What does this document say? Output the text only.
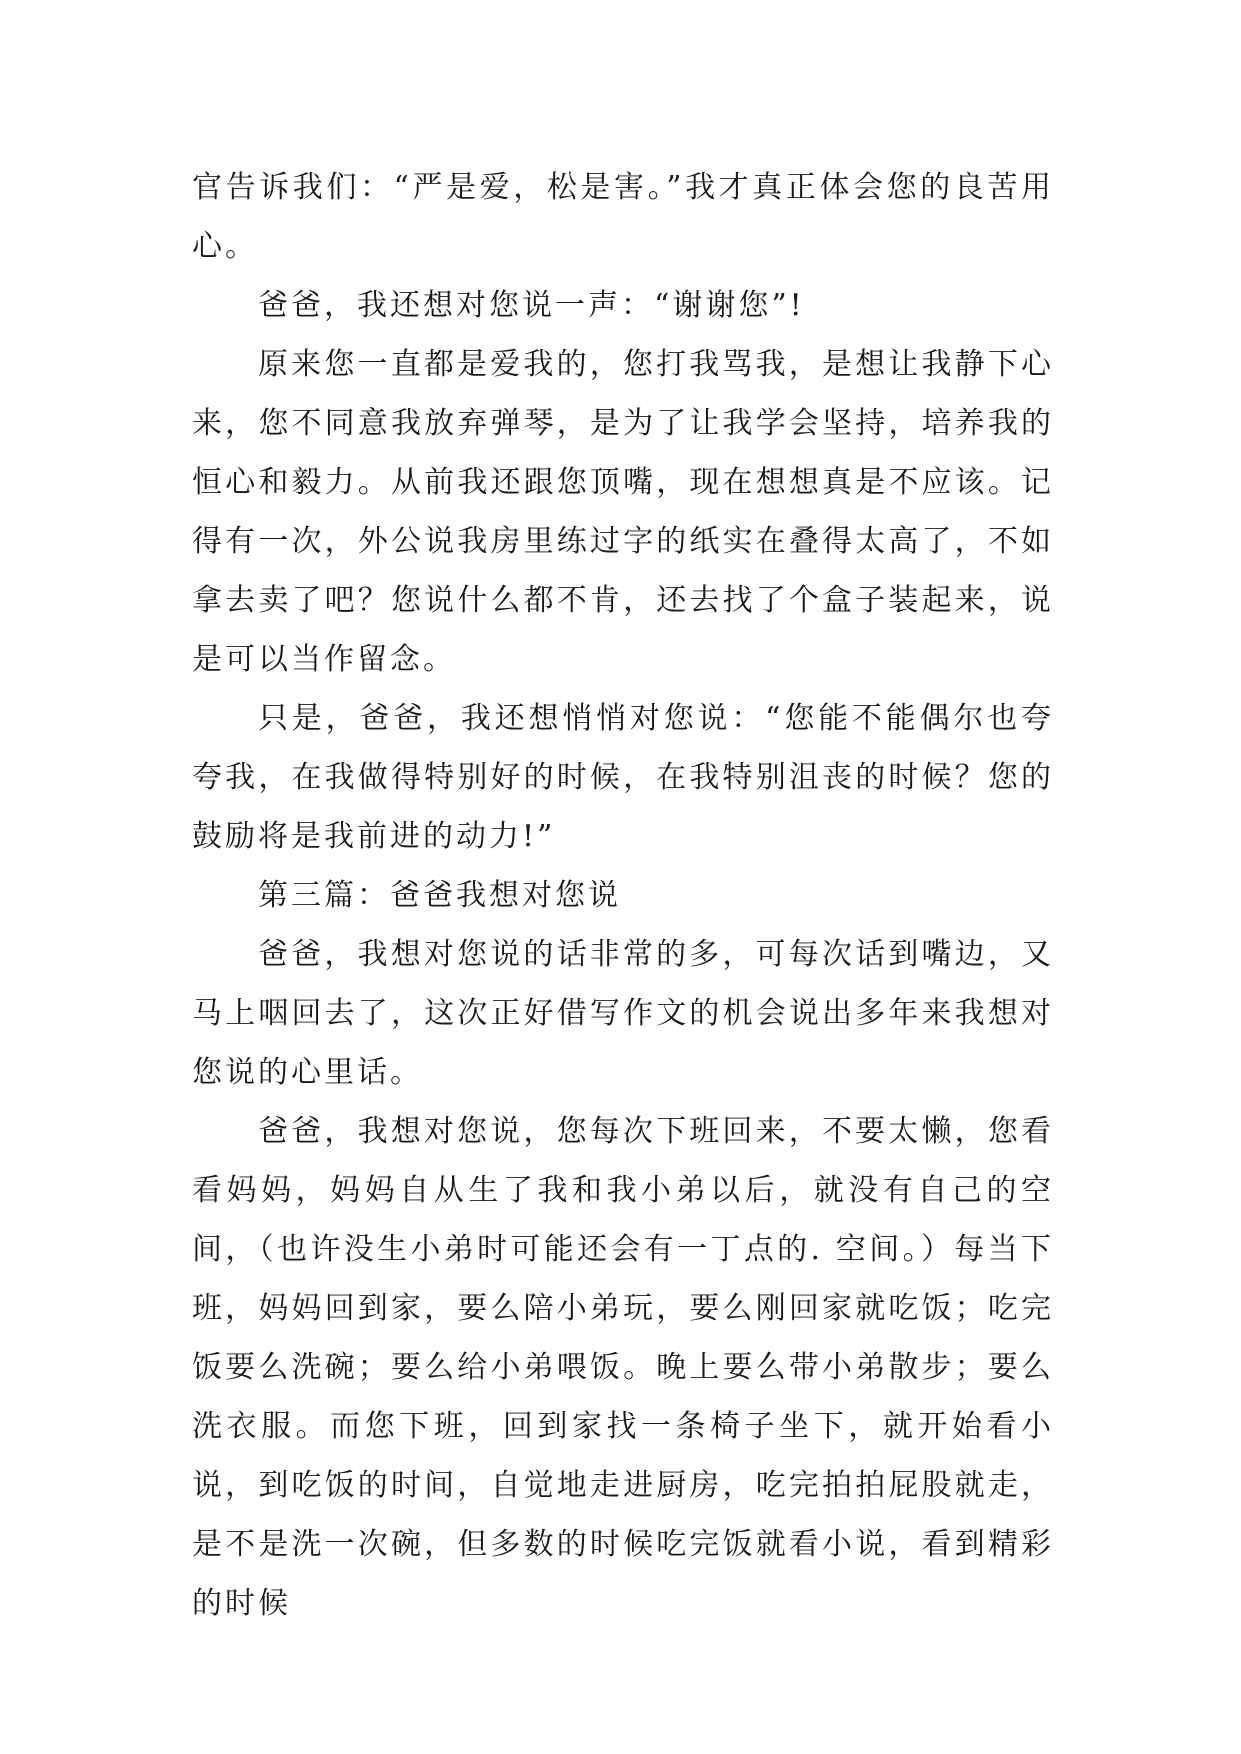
官告诉我们：“严是爱，松是害。”我才真正体会您的良苦用心。

爸爸，我还想对您说一声：“谢谢您”!

原来您一直都是爱我的，您打我骂我，是想让我静下心来，您不同意我放弃弹琴，是为了让我学会坚持，培养我的恒心和毅力。从前我还跟您顶嘴，现在想想真是不应该。记得有一次，外公说我房里练过字的纸实在叠得太高了，不如拿去卖了吧？您说什么都不肯，还去找了个盒子装起来，说是可以当作留念。

只是，爸爸，我还想悄悄对您说：“您能不能偶尔也夸夸我，在我做得特别好的时候，在我特别沮丧的时候？您的鼓励将是我前进的动力!”

第三篇：爸爸我想对您说

爸爸，我想对您说的话非常的多，可每次话到嘴边，又马上咽回去了，这次正好借写作文的机会说出多年来我想对您说的心里话。

爸爸，我想对您说，您每次下班回来，不要太懒，您看看妈妈，妈妈自从生了我和我小弟以后，就没有自己的空间，（也许没生小弟时可能还会有一丁点的. 空间。）每当下班，妈妈回到家，要么陪小弟玩，要么刚回家就吃饭；吃完饭要么洗碗；要么给小弟喂饭。晚上要么带小弟散步；要么洗衣服。而您下班，回到家找一条椅子坐下，就开始看小说，到吃饭的时间，自觉地走进厨房，吃完拍拍屁股就走，是不是洗一次碗，但多数的时候吃完饭就看小说，看到精彩的时候
